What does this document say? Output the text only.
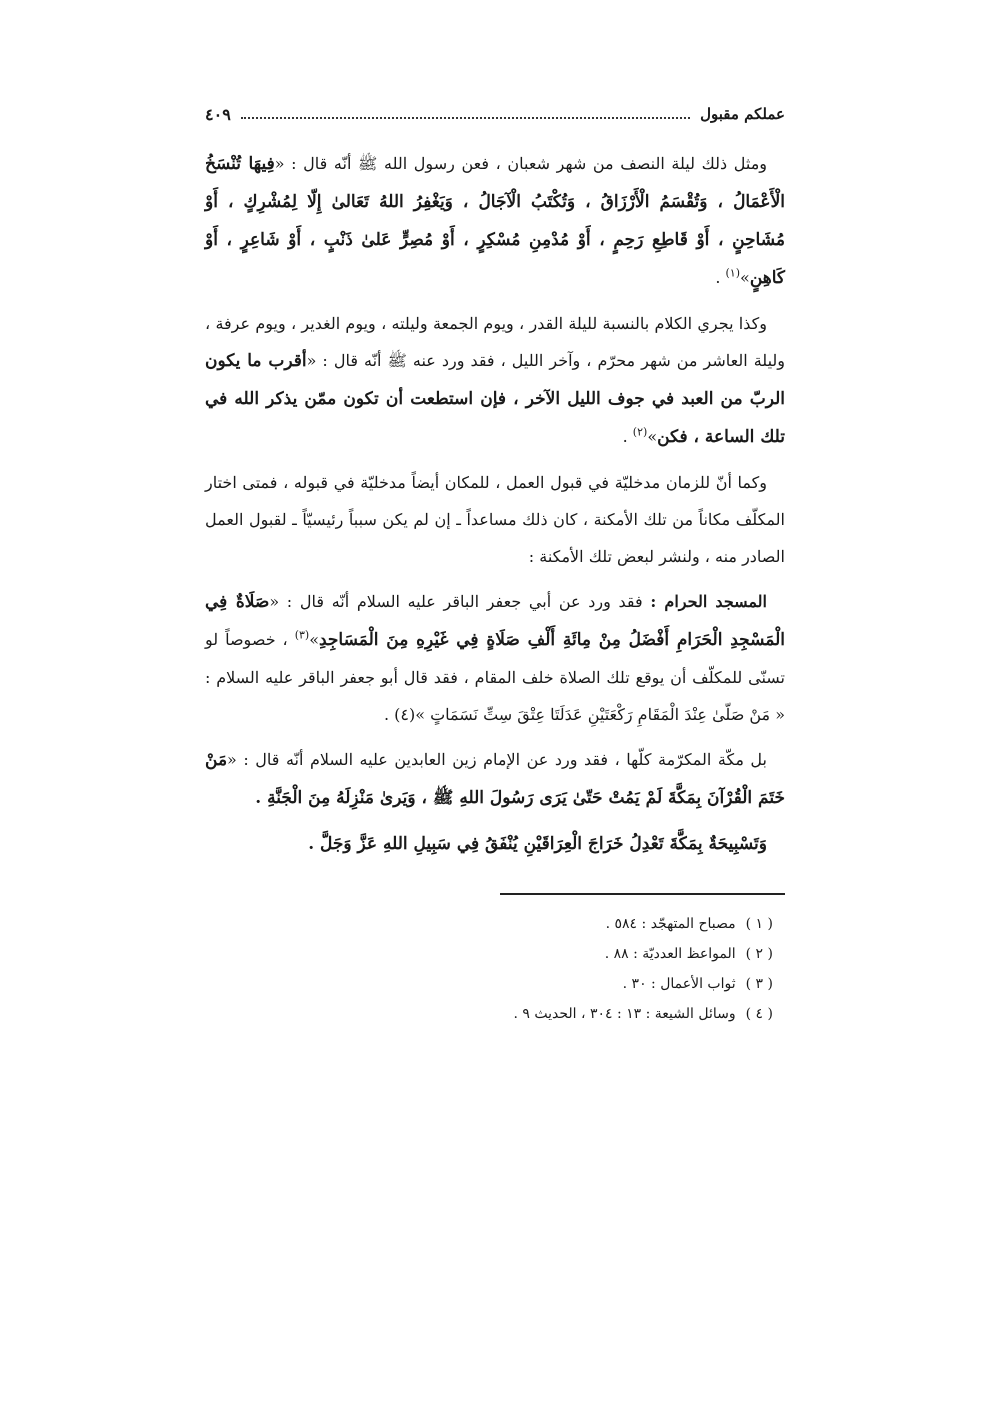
عملكم مقبول
٤٠٩

ومثل ذلك ليلة النصف من شهر شعبان ، فعن رسول الله ﷺ أنّه قال : «فِيهَا تُنْسَخُ الْأَعْمَالُ ، وَتُقْسَمُ الْأَرْزَاقُ ، وَتُكْتَبُ الْآجَالُ ، وَيَغْفِرُ اللهُ تَعَالىٰ إِلّا لِمُشْرِكٍ ، أَوْ مُشَاحِنٍ ، أَوْ قَاطِعِ رَحِمٍ ، أَوْ مُدْمِنِ مُسْكِرٍ ، أَوْ مُصِرٍّ عَلىٰ ذَنْبٍ ، أَوْ شَاعِرٍ ، أَوْ كَاهِنٍ»$^{(١)}$ .

وكذا يجري الكلام بالنسبة لليلة القدر ، ويوم الجمعة وليلته ، ويوم الغدير ، ويوم عرفة ، وليلة العاشر من شهر محرّم ، وآخر الليل ، فقد ورد عنه ﷺ أنّه قال : «أقرب ما يكون الربّ من العبد في جوف الليل الآخر ، فإن استطعت أن تكون ممّن يذكر الله في تلك الساعة ، فكن»$^{(٢)}$ .

وكما أنّ للزمان مدخليّة في قبول العمل ، للمكان أيضاً مدخليّة في قبوله ، فمتى اختار المكلّف مكاناً من تلك الأمكنة ، كان ذلك مساعداً ـ إن لم يكن سبباً رئيسيّاً ـ لقبول العمل الصادر منه ، ولنشر لبعض تلك الأمكنة :

المسجد الحرام : فقد ورد عن أبي جعفر الباقر عليه السلام أنّه قال : «صَلَاةٌ فِي الْمَسْجِدِ الْحَرَامِ أَفْضَلُ مِنْ مِائَةِ أَلْفِ صَلَاةٍ فِي غَيْرِهِ مِنَ الْمَسَاجِدِ»$^{(٣)}$ ، خصوصاً لو تسنّى للمكلّف أن يوقع تلك الصلاة خلف المقام ، فقد قال أبو جعفر الباقر عليه السلام : « مَنْ صَلّىٰ عِنْدَ الْمَقَامِ رَكْعَتَيْنِ عَدَلَتَا عِتْقَ سِتِّ نَسَمَاتٍ »(٤) .

بل مكّة المكرّمة كلّها ، فقد ورد عن الإمام زين العابدين عليه السلام أنّه قال : «مَنْ خَتَمَ الْقُرْآنَ بِمَكَّةَ لَمْ يَمُتْ حَتّىٰ يَرَى رَسُولَ اللهِ ﷺ ، وَيَرىٰ مَنْزِلَهُ مِنَ الْجَنَّةِ .

وَتَسْبِيحَةٌ بِمَكَّةَ تَعْدِلُ خَرَاجَ الْعِرَاقَيْنِ يُنْفَقُ فِي سَبِيلِ اللهِ عَزَّ وَجَلَّ .

( ١ )مصباح المتهجّد : ٥٨٤ .

( ٢ )المواعظ العدديّة : ٨٨ .

( ٣ )ثواب الأعمال : ٣٠ .

( ٤ )وسائل الشيعة : ١٣ : ٣٠٤ ، الحديث ٩ .
